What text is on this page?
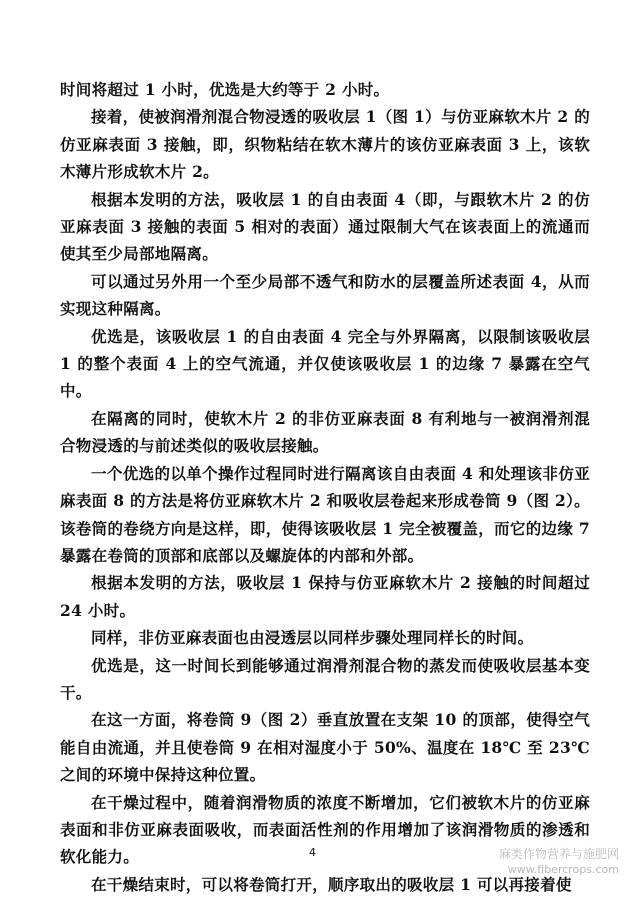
时间将超过 1 小时，优选是大约等于 2 小时。

接着，使被润滑剂混合物浸透的吸收层 1（图 1）与仿亚麻软木片 2 的仿亚麻表面 3 接触，即，织物粘结在软木薄片的该仿亚麻表面 3 上，该软木薄片形成软木片 2。

根据本发明的方法，吸收层 1 的自由表面 4（即，与跟软木片 2 的仿亚麻表面 3 接触的表面 5 相对的表面）通过限制大气在该表面上的流通而使其至少局部地隔离。

可以通过另外用一个至少局部不透气和防水的层覆盖所述表面 4，从而实现这种隔离。

优选是，该吸收层 1 的自由表面 4 完全与外界隔离，以限制该吸收层 1 的整个表面 4 上的空气流通，并仅使该吸收层 1 的边缘 7 暴露在空气中。

在隔离的同时，使软木片 2 的非仿亚麻表面 8 有利地与一被润滑剂混合物浸透的与前述类似的吸收层接触。

一个优选的以单个操作过程同时进行隔离该自由表面 4 和处理该非仿亚麻表面 8 的方法是将仿亚麻软木片 2 和吸收层卷起来形成卷筒 9（图 2）。该卷筒的卷绕方向是这样，即，使得该吸收层 1 完全被覆盖，而它的边缘 7 暴露在卷筒的顶部和底部以及螺旋体的内部和外部。

根据本发明的方法，吸收层 1 保持与仿亚麻软木片 2 接触的时间超过 24 小时。

同样，非仿亚麻表面也由浸透层以同样步骤处理同样长的时间。

优选是，这一时间长到能够通过润滑剂混合物的蒸发而使吸收层基本变干。

在这一方面，将卷筒 9（图 2）垂直放置在支架 10 的顶部，使得空气能自由流通，并且使卷筒 9 在相对湿度小于 50%、温度在 18℃ 至 23℃ 之间的环境中保持这种位置。

在干燥过程中，随着润滑物质的浓度不断增加，它们被软木片的仿亚麻表面和非仿亚麻表面吸收，而表面活性剂的作用增加了该润滑物质的渗透和软化能力。

在干燥结束时，可以将卷筒打开，顺序取出的吸收层 1 可以再接着使

4	麻类作物营养与施肥网
www.fibercrops.com
